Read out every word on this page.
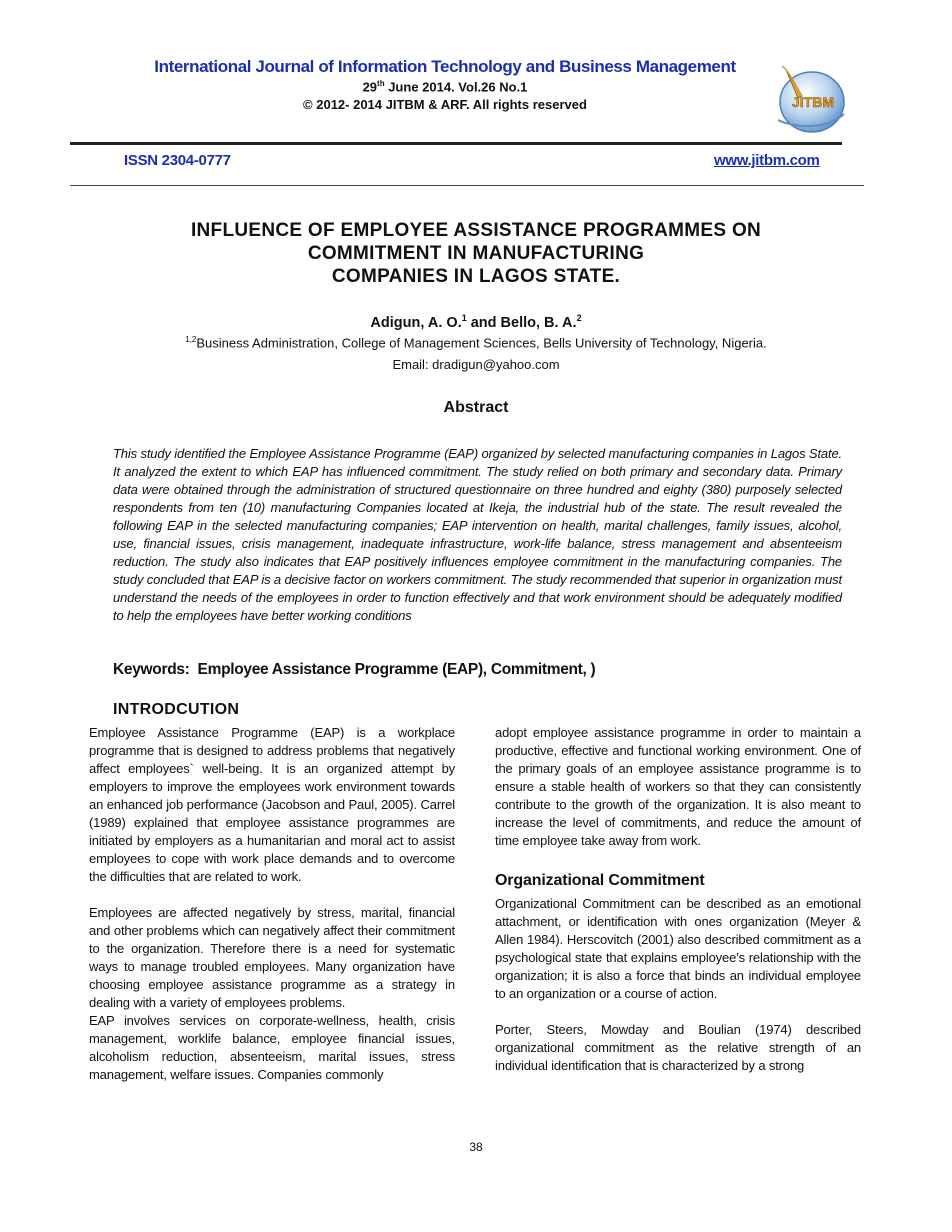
International Journal of Information Technology and Business Management
29th June 2014. Vol.26 No.1
© 2012- 2014 JITBM & ARF. All rights reserved	JITBM
ISSN 2304-0777	www.jitbm.com
INFLUENCE OF EMPLOYEE ASSISTANCE PROGRAMMES ON
COMMITMENT IN MANUFACTURING
COMPANIES IN LAGOS STATE.
Adigun, A. O.$^1$ and Bello, B. A.$^2$
$^{1,2}$Business Administration, College of Management Sciences, Bells University of Technology, Nigeria.
Email: dradigun@yahoo.com
Abstract
This study identified the Employee Assistance Programme (EAP) organized by selected manufacturing companies in Lagos State. It analyzed the extent to which EAP has influenced commitment. The study relied on both primary and secondary data. Primary data were obtained through the administration of structured questionnaire on three hundred and eighty (380) purposely selected respondents from ten (10) manufacturing Companies located at Ikeja, the industrial hub of the state. The result revealed the following EAP in the selected manufacturing companies; EAP intervention on health, marital challenges, family issues, alcohol, use, financial issues, crisis management, inadequate infrastructure, work-life balance, stress management and absenteeism reduction. The study also indicates that EAP positively influences employee commitment in the manufacturing companies. The study concluded that EAP is a decisive factor on workers commitment. The study recommended that superior in organization must understand the needs of the employees in order to function effectively and that work environment should be adequately modified to help the employees have better working conditions
Keywords: Employee Assistance Programme (EAP), Commitment, )
INTRODCUTION

Employee Assistance Programme (EAP) is a workplace programme that is designed to address problems that negatively affect employees` well-being. It is an organized attempt by employers to improve the employees work environment towards an enhanced job performance (Jacobson and Paul, 2005). Carrel (1989) explained that employee assistance programmes are initiated by employers as a humanitarian and moral act to assist employees to cope with work place demands and to overcome the difficulties that are related to work.

Employees are affected negatively by stress, marital, financial and other problems which can negatively affect their commitment to the organization. Therefore there is a need for systematic ways to manage troubled employees. Many organization have choosing employee assistance programme as a strategy in dealing with a variety of employees problems.

EAP involves services on corporate-wellness, health, crisis management, worklife balance, employee financial issues, alcoholism reduction, absenteeism, marital issues, stress management, welfare issues. Companies commonly

adopt employee assistance programme in order to maintain a productive, effective and functional working environment. One of the primary goals of an employee assistance programme is to ensure a stable health of workers so that they can consistently contribute to the growth of the organization. It is also meant to increase the level of commitments, and reduce the amount of time employee take away from work.

Organizational Commitment

Organizational Commitment can be described as an emotional attachment, or identification with ones organization (Meyer & Allen 1984). Herscovitch (2001) also described commitment as a psychological state that explains employee’s relationship with the organization; it is also a force that binds an individual employee to an organization or a course of action.

Porter, Steers, Mowday and Boulian (1974) described organizational commitment as the relative strength of an individual identification that is characterized by a strong

38
